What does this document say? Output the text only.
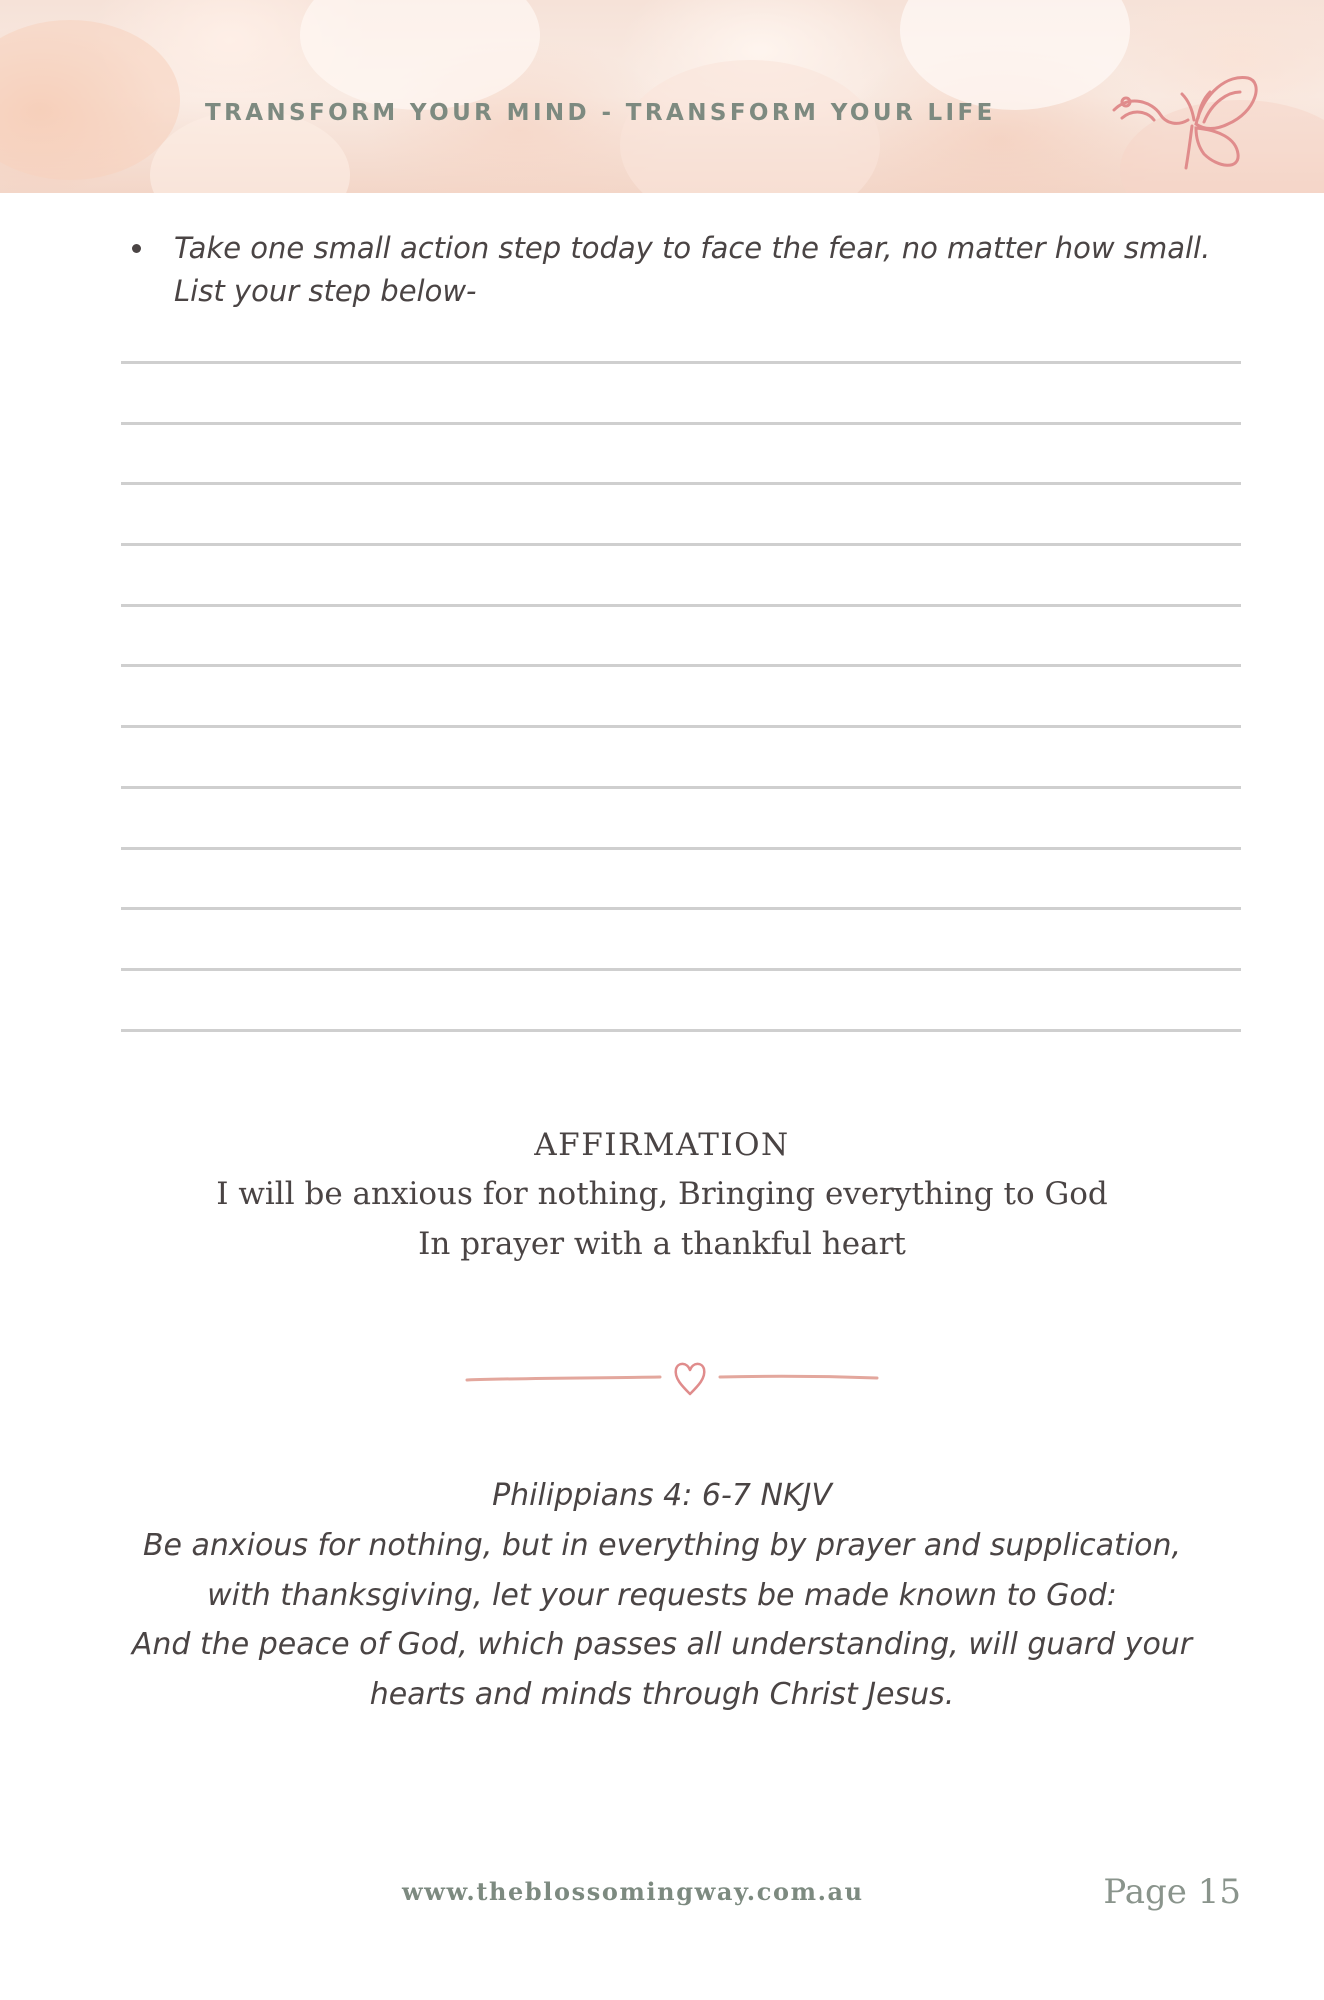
TRANSFORM YOUR MIND - TRANSFORM YOUR LIFE
Take one small action step today to face the fear, no matter how small.
List your step below-
AFFIRMATION
I will be anxious for nothing, Bringing everything to God
In prayer with a thankful heart
Philippians 4: 6-7 NKJV
Be anxious for nothing, but in everything by prayer and supplication,
with thanksgiving, let your requests be made known to God:
And the peace of God, which passes all understanding, will guard your
hearts and minds through Christ Jesus.
www.theblossomingway.com.au	Page 15
